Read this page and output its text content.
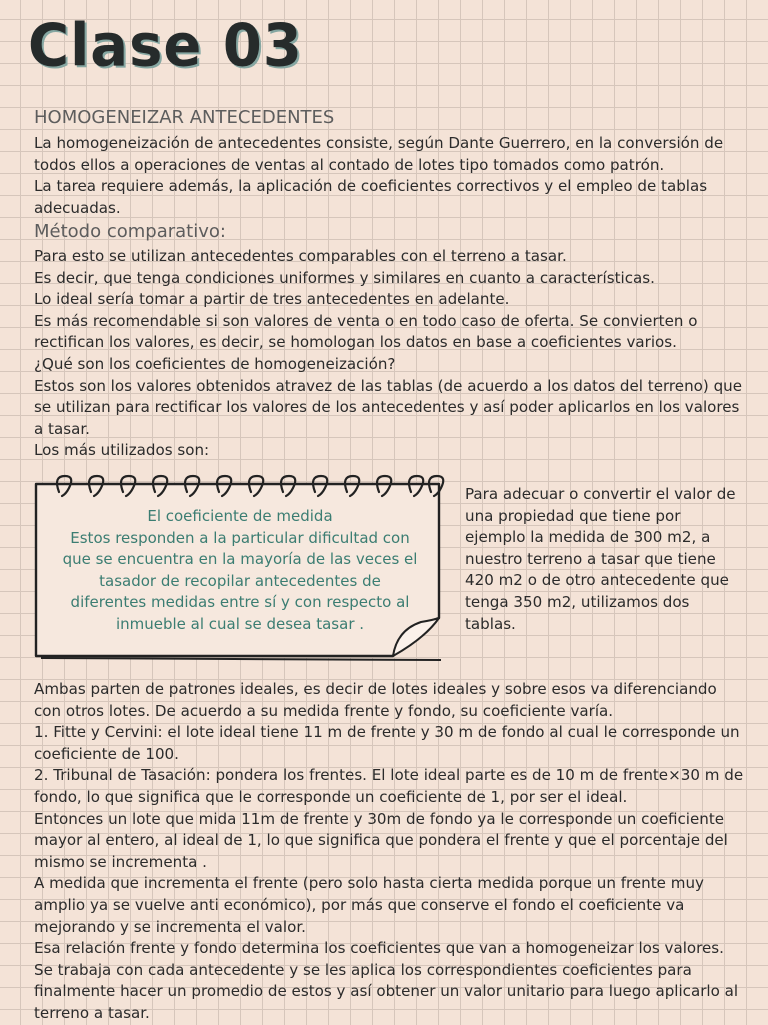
Clase 03
HOMOGENEIZAR ANTECEDENTES

La homogeneización de antecedentes consiste, según Dante Guerrero, en la conversión de
todos ellos a operaciones de ventas al contado de lotes tipo tomados como patrón.
La tarea requiere además, la aplicación de coeficientes correctivos y el empleo de tablas
adecuadas.

Método comparativo:

Para esto se utilizan antecedentes comparables con el terreno a tasar.
Es decir, que tenga condiciones uniformes y similares en cuanto a características.
Lo ideal sería tomar a partir de tres antecedentes en adelante.
Es más recomendable si son valores de venta o en todo caso de oferta. Se convierten o
rectifican los valores, es decir, se homologan los datos en base a coeficientes varios.
¿Qué son los coeficientes de homogeneización?
Estos son los valores obtenidos atravez de las tablas (de acuerdo a los datos del terreno) que
se utilizan para rectificar los valores de los antecedentes y así poder aplicarlos en los valores
a tasar.
Los más utilizados son:

El coeficiente de medida
Estos responden a la particular dificultad con
que se encuentra en la mayoría de las veces el
tasador de recopilar antecedentes de
diferentes medidas entre sí y con respecto al
inmueble al cual se desea tasar .
Para adecuar o convertir el valor de
una propiedad que tiene por
ejemplo la medida de 300 m2, a
nuestro terreno a tasar que tiene
420 m2 o de otro antecedente que
tenga 350 m2, utilizamos dos
tablas.

Ambas parten de patrones ideales, es decir de lotes ideales y sobre esos va diferenciando
con otros lotes. De acuerdo a su medida frente y fondo, su coeficiente varía.
1. Fitte y Cervini: el lote ideal tiene 11 m de frente y 30 m de fondo al cual le corresponde un
coeficiente de 100.
2. Tribunal de Tasación: pondera los frentes. El lote ideal parte es de 10 m de frente×30 m de
fondo, lo que significa que le corresponde un coeficiente de 1, por ser el ideal.
Entonces un lote que mida 11m de frente y 30m de fondo ya le corresponde un coeficiente
mayor al entero, al ideal de 1, lo que significa que pondera el frente y que el porcentaje del
mismo se incrementa .
A medida que incrementa el frente (pero solo hasta cierta medida porque un frente muy
amplio ya se vuelve anti económico), por más que conserve el fondo el coeficiente va
mejorando y se incrementa el valor.
Esa relación frente y fondo determina los coeficientes que van a homogeneizar los valores.
Se trabaja con cada antecedente y se les aplica los correspondientes coeficientes para
finalmente hacer un promedio de estos y así obtener un valor unitario para luego aplicarlo al
terreno a tasar.
